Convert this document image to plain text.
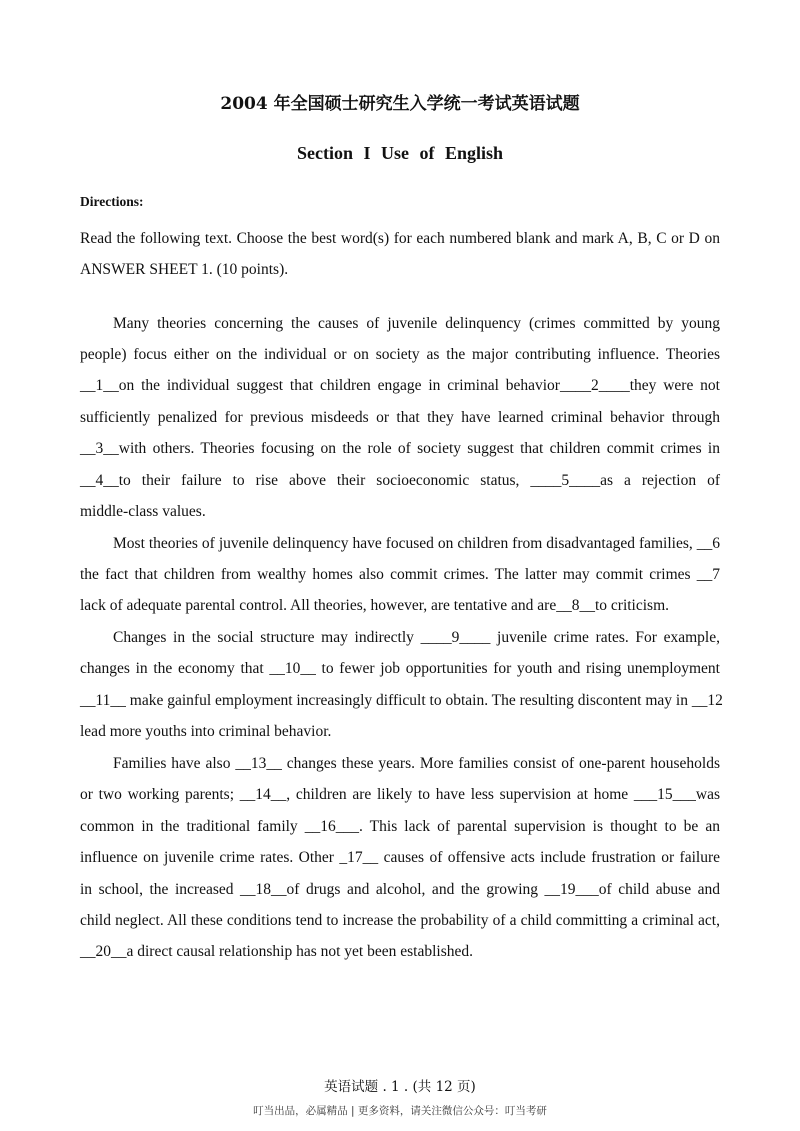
2004 年全国硕士研究生入学统一考试英语试题
Section I Use of English
Directions:
Read the following text. Choose the best word(s) for each numbered blank and mark A, B, C or D on
ANSWER SHEET 1. (10 points).
Many theories concerning the causes of juvenile delinquency (crimes committed by young
people) focus either on the individual or on society as the major contributing influence. Theories
__1__on the individual suggest that children engage in criminal behavior____2____they were not
sufficiently penalized for previous misdeeds or that they have learned criminal behavior through
__3__with others. Theories focusing on the role of society suggest that children commit crimes in
__4__to their failure to rise above their socioeconomic status, ____5____as a rejection of
middle-class values.
Most theories of juvenile delinquency have focused on children from disadvantaged families, __6
the fact that children from wealthy homes also commit crimes. The latter may commit crimes __7
lack of adequate parental control. All theories, however, are tentative and are__8__to criticism.
Changes in the social structure may indirectly ____9____ juvenile crime rates. For example,
changes in the economy that __10__ to fewer job opportunities for youth and rising unemployment
__11__ make gainful employment increasingly difficult to obtain. The resulting discontent may in __12
lead more youths into criminal behavior.
Families have also __13__ changes these years. More families consist of one-parent households
or two working parents; __14__, children are likely to have less supervision at home ___15___was
common in the traditional family __16___. This lack of parental supervision is thought to be an
influence on juvenile crime rates. Other _17__ causes of offensive acts include frustration or failure
in school, the increased __18__of drugs and alcohol, and the growing __19___of child abuse and
child neglect. All these conditions tend to increase the probability of a child committing a criminal act,
__20__a direct causal relationship has not yet been established.
英语试题 . 1 . (共 12 页)
叮当出品，必属精品 | 更多资料，请关注微信公众号：叮当考研
